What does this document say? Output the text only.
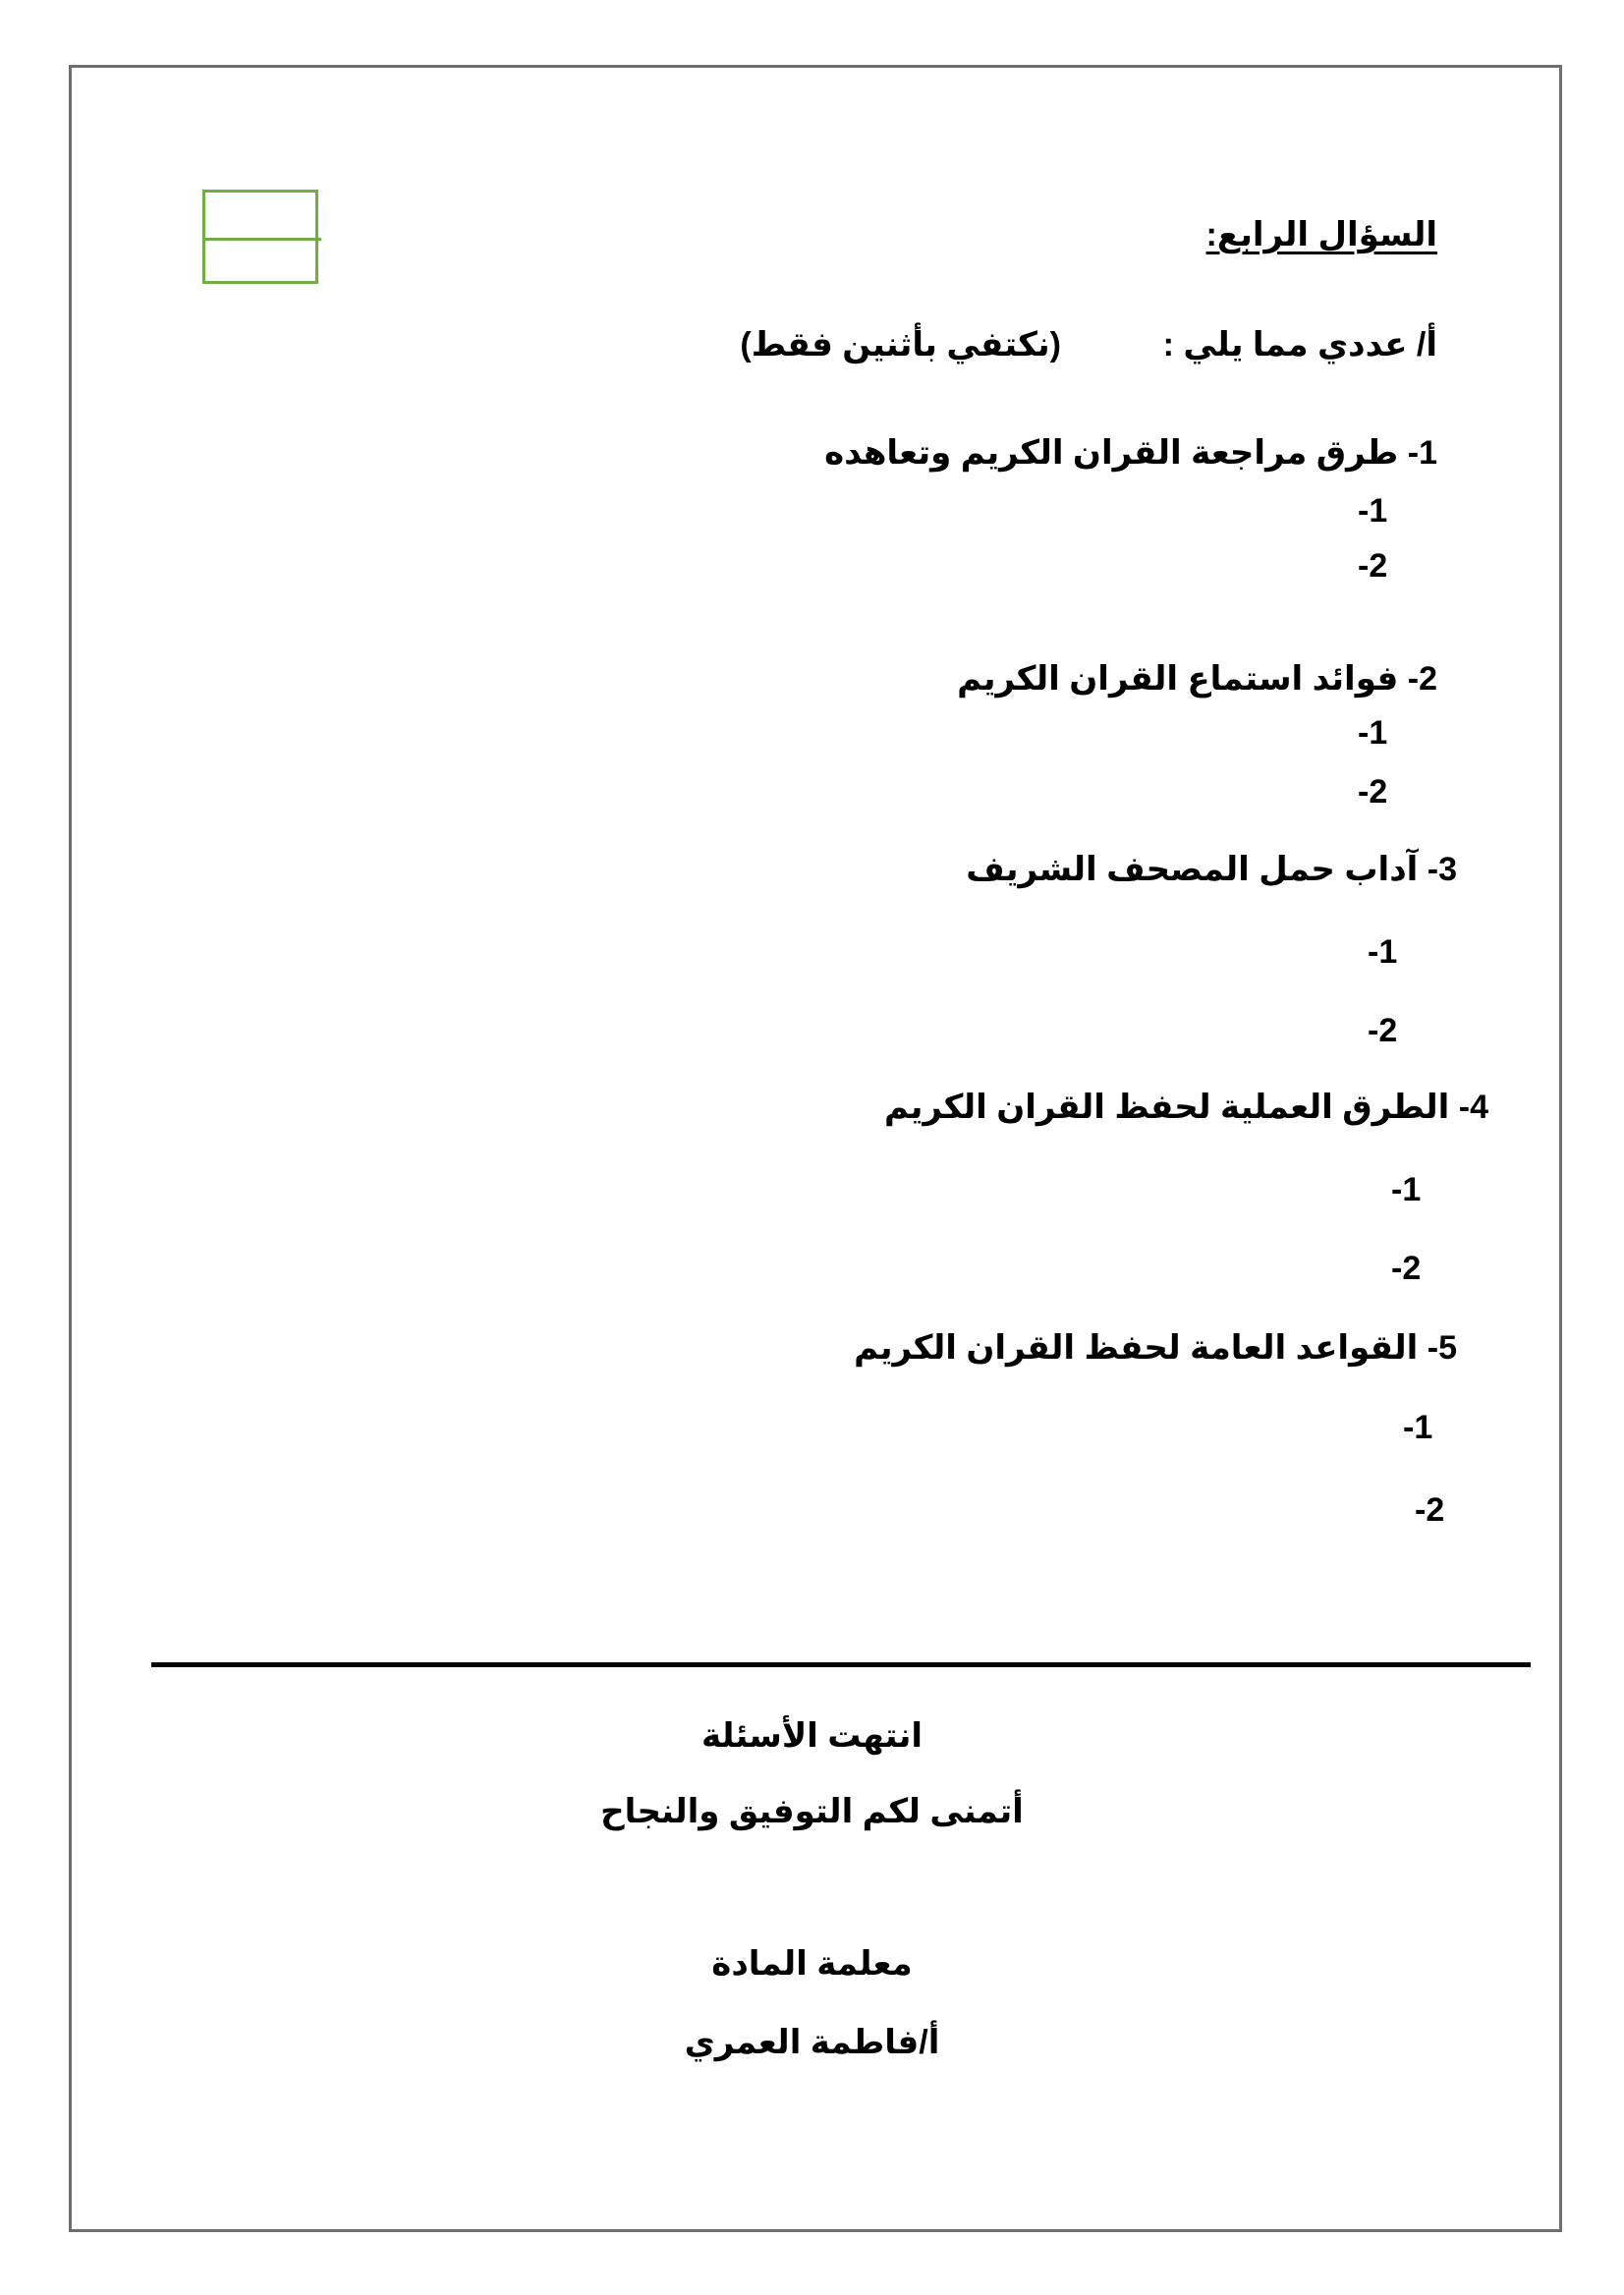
السؤال الرابع:
أ/ عددي مما يلي :
(نكتفي بأثنين فقط)
1- طرق مراجعة القران الكريم وتعاهده
-1
-2
2- فوائد استماع القران الكريم
-1
-2
3- آداب حمل المصحف الشريف
-1
-2
4- الطرق العملية لحفظ القران الكريم
-1
-2
5- القواعد العامة لحفظ القران الكريم
-1
-2
انتهت الأسئلة
أتمنى لكم التوفيق والنجاح
معلمة المادة
أ/فاطمة العمري
